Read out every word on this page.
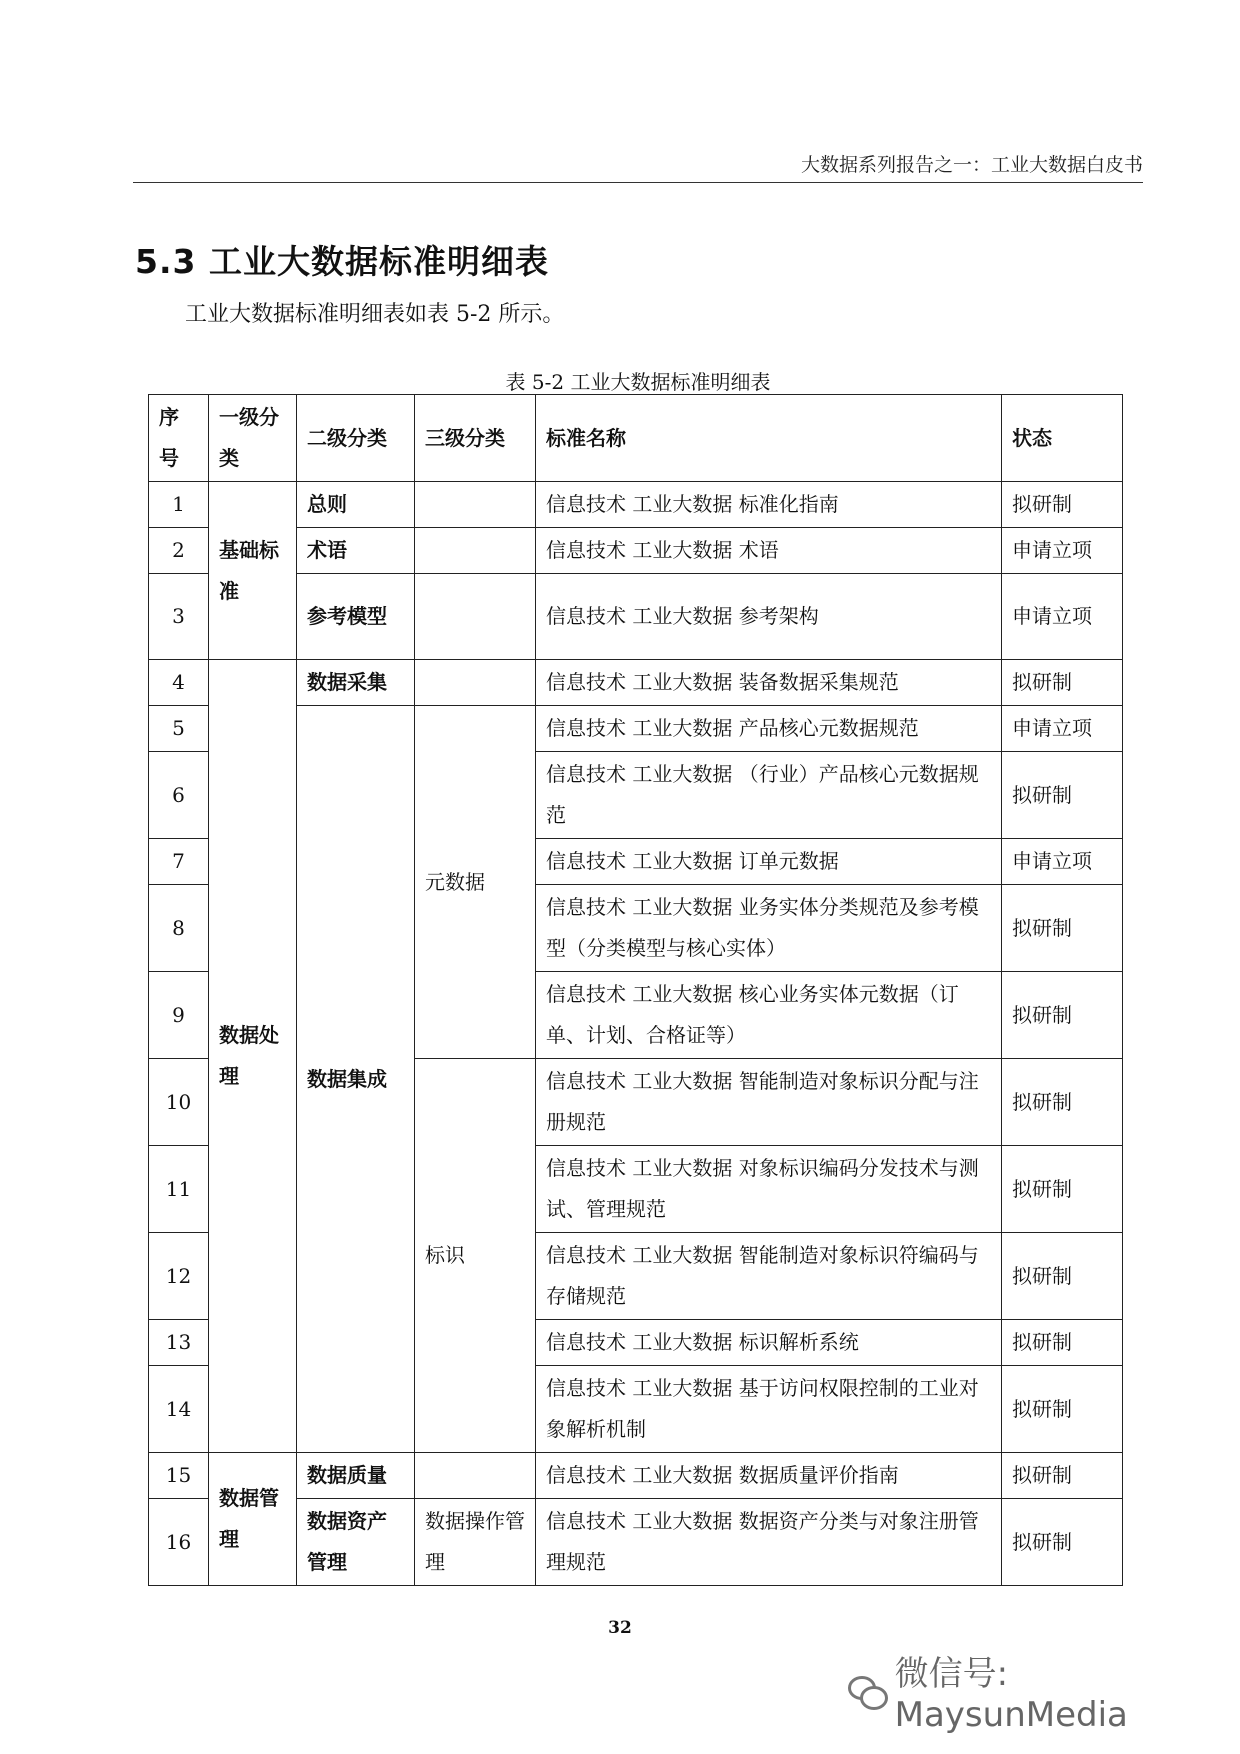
大数据系列报告之一：工业大数据白皮书
5.3 工业大数据标准明细表
工业大数据标准明细表如表 5-2 所示。
表 5-2 工业大数据标准明细表
序号	一级分类	二级分类	三级分类	标准名称	状态
1	基础标准	总则		信息技术 工业大数据 标准化指南	拟研制
2		术语		信息技术 工业大数据 术语	申请立项
3		参考模型		信息技术 工业大数据 参考架构	申请立项
4	数据处理	数据采集		信息技术 工业大数据 装备数据采集规范	拟研制
5		数据集成	元数据	信息技术 工业大数据 产品核心元数据规范	申请立项
6				信息技术 工业大数据 （行业）产品核心元数据规范	拟研制
7				信息技术 工业大数据 订单元数据	申请立项
8				信息技术 工业大数据 业务实体分类规范及参考模型（分类模型与核心实体）	拟研制
9				信息技术 工业大数据 核心业务实体元数据（订单、计划、合格证等）	拟研制
10			标识	信息技术 工业大数据 智能制造对象标识分配与注册规范	拟研制
11				信息技术 工业大数据 对象标识编码分发技术与测试、管理规范	拟研制
12				信息技术 工业大数据 智能制造对象标识符编码与存储规范	拟研制
13				信息技术 工业大数据 标识解析系统	拟研制
14				信息技术 工业大数据 基于访问权限控制的工业对象解析机制	拟研制
15	数据管理	数据质量		信息技术 工业大数据 数据质量评价指南	拟研制
16		数据资产管理	数据操作管理	信息技术 工业大数据 数据资产分类与对象注册管理规范	拟研制
32
微信号: MaysunMedia
